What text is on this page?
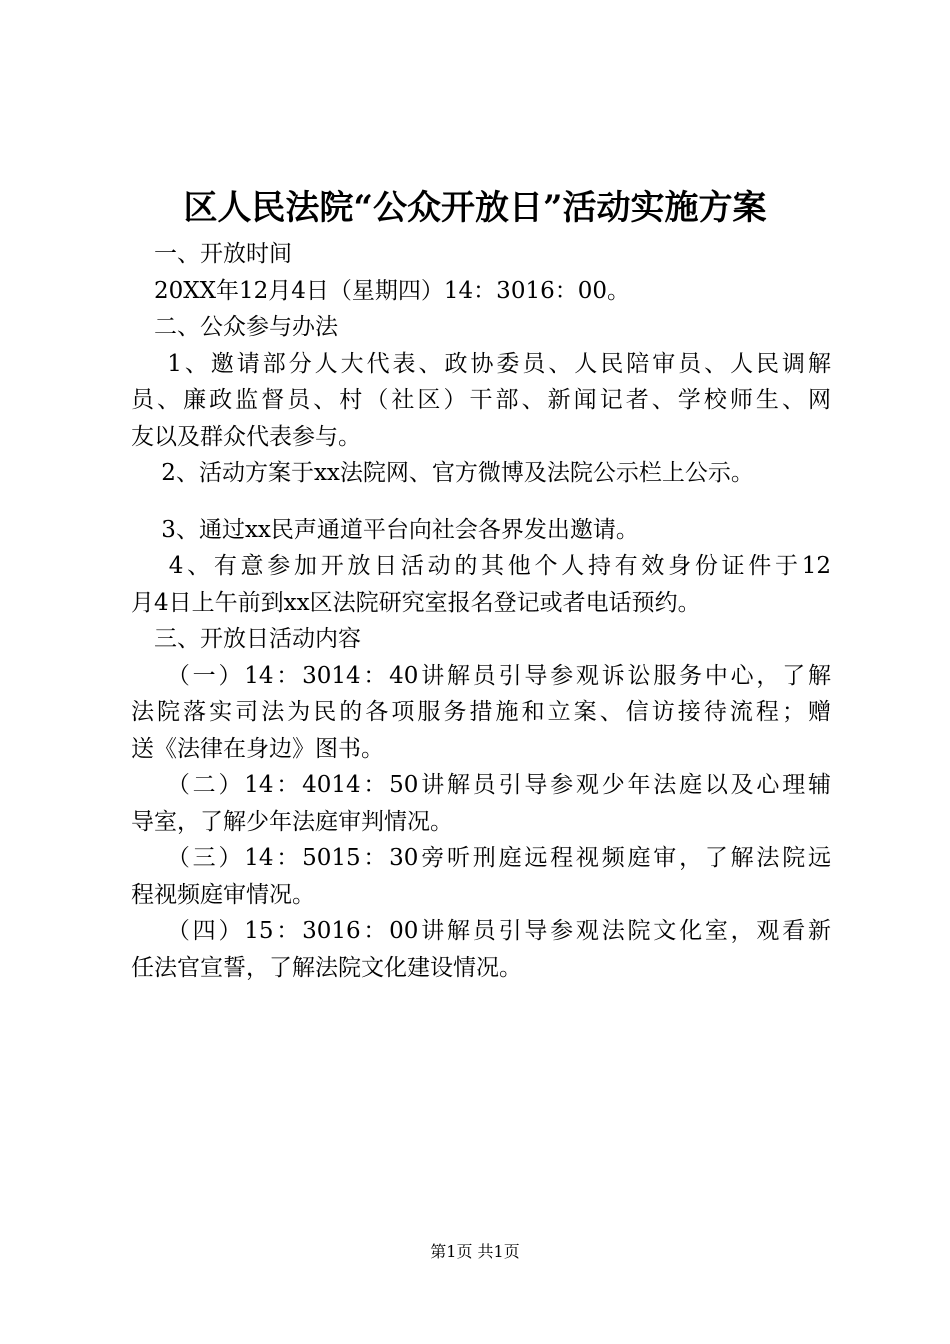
区人民法院“公众开放日”活动实施方案
　一、开放时间
　20XX年12月4日（星期四）14：3016：00。
　二、公众参与办法
　 1、邀请部分人大代表、政协委员、人民陪审员、人民调解
员、廉政监督员、村（社区）干部、新闻记者、学校师生、网
友以及群众代表参与。
　 2、活动方案于xx法院网、官方微博及法院公示栏上公示。
　 3、通过xx民声通道平台向社会各界发出邀请。
　 4、有意参加开放日活动的其他个人持有效身份证件于12
月4日上午前到xx区法院研究室报名登记或者电话预约。
　三、开放日活动内容
　 （一）14：3014：40讲解员引导参观诉讼服务中心，了解
法院落实司法为民的各项服务措施和立案、信访接待流程；赠
送《法律在身边》图书。
　 （二）14：4014：50讲解员引导参观少年法庭以及心理辅
导室，了解少年法庭审判情况。
　 （三）14：5015：30旁听刑庭远程视频庭审，了解法院远
程视频庭审情况。
　 （四）15：3016：00讲解员引导参观法院文化室，观看新
任法官宣誓，了解法院文化建设情况。
第1页 共1页
